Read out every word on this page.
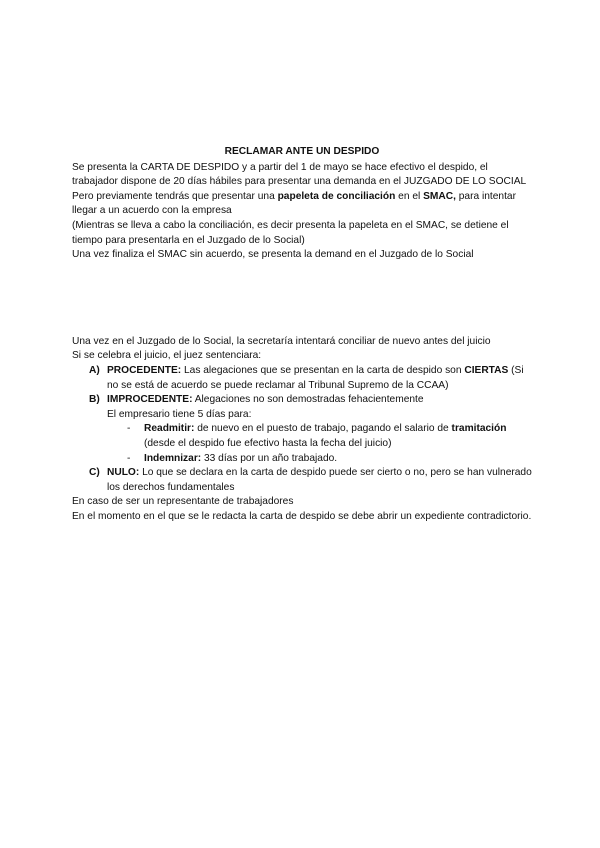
RECLAMAR ANTE UN DESPIDO

Se presenta la CARTA DE DESPIDO y a partir del 1 de mayo se hace efectivo el despido, el trabajador dispone de 20 días hábiles para presentar una demanda en el JUZGADO DE LO SOCIAL

Pero previamente tendrás que presentar una papeleta de conciliación en el SMAC, para intentar llegar a un acuerdo con la empresa

(Mientras se lleva a cabo la conciliación, es decir presenta la papeleta en el SMAC, se detiene el tiempo para presentarla en el Juzgado de lo Social)

Una vez finaliza el SMAC sin acuerdo, se presenta la demand en el Juzgado de lo Social

Una vez en el Juzgado de lo Social, la secretaría intentará conciliar de nuevo antes del juicio

Si se celebra el juicio, el juez sentenciara:

A) PROCEDENTE: Las alegaciones que se presentan en la carta de despido son CIERTAS (Si no se está de acuerdo se puede reclamar al Tribunal Supremo de la CCAA)
B) IMPROCEDENTE: Alegaciones no son demostradas fehacientemente

El empresario tiene 5 días para:

- Readmitir: de nuevo en el puesto de trabajo, pagando el salario de tramitación (desde el despido fue efectivo hasta la fecha del juicio)
- Indemnizar: 33 días por un año trabajado.
C) NULO: Lo que se declara en la carta de despido puede ser cierto o no, pero se han vulnerado los derechos fundamentales

En caso de ser un representante de trabajadores

En el momento en el que se le redacta la carta de despido se debe abrir un expediente contradictorio.
